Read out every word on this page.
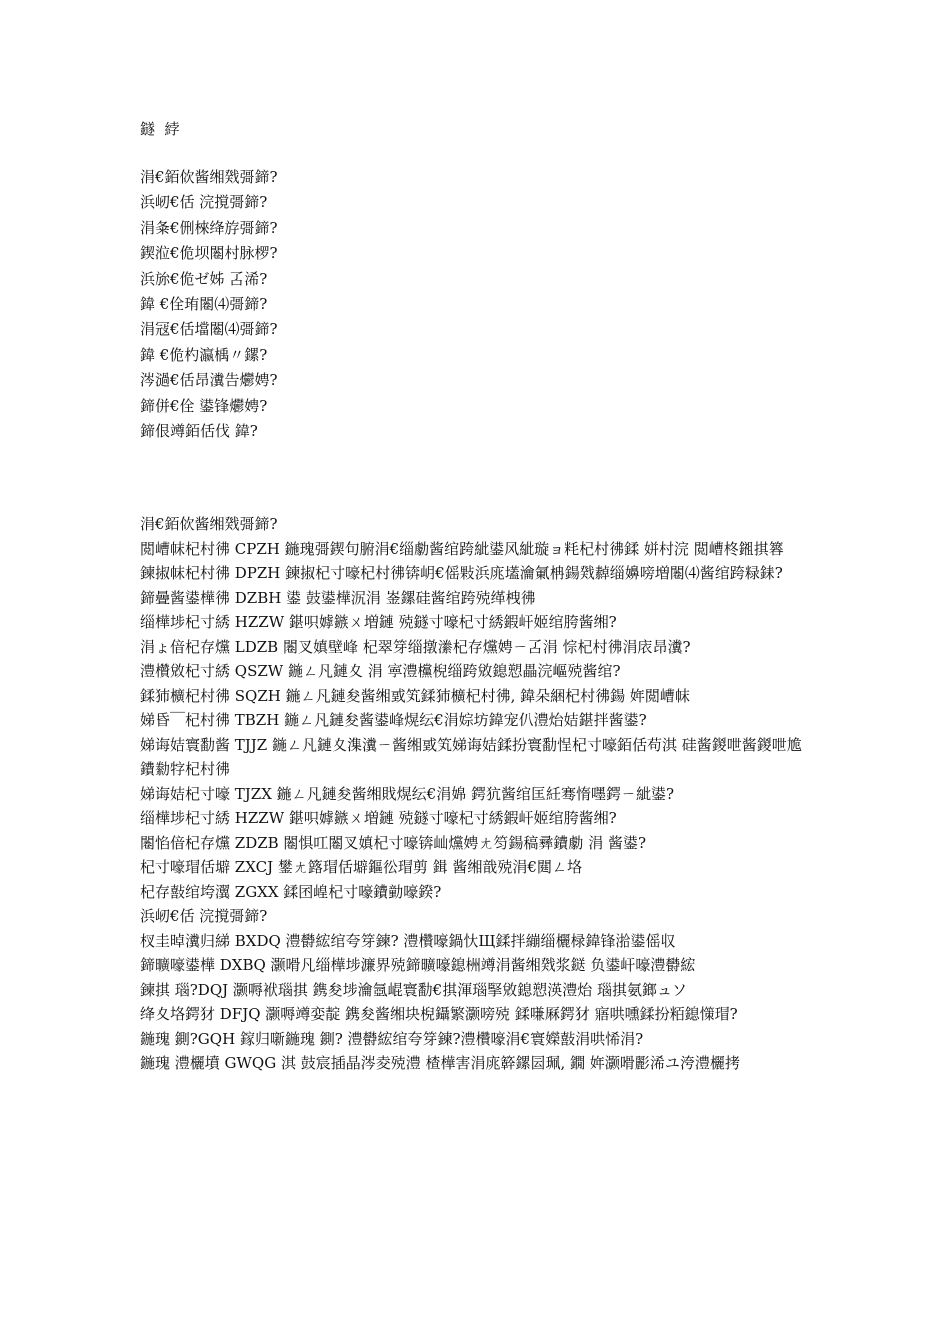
鐩  綍
涓€銆佽酱缃戣彁鍗?
浜屻€佸 浣撹彁鍗?
涓夈€侀棶绛斿彁鍗?
鍥涖€佹坝闂村脉椤?
浜旀€佹ゼ姊 叾浠?
鍏 €佺珛闂⑷彁鍗?
涓冦€佸壋闂⑷彁鍗?
鍏 €佹杓瀛楀〃鏍?
涔濄€佸昂瀵告爩娉?
鍗併€佺 鍙锋爩娉?
鍗佷竴銆佸伐 鍏?
涓€銆佽酱缃戣彁鍗?
閲嶆帓杞村彿 CPZH 鍦瑰彁鍥句腑涓€缁勮酱绾跨紪鍙风紪璇ョ粍杞村彿鍒 姘村浣 閲嶆柊鎺掑簭
鍊掓帓杞村彿 DPZH 鍊掓杞寸嚎杞村彿锛岄€傜敤浜庣壒瀹氭柟鍚戣繛缁嬶嗙増闂⑷酱绾跨粶銇?
鍗曡酱鍙樺彿 DZBH 鍙 鼓鍙樺泦涓 崟鏍硅酱绾跨殑缂栧彿
缁樺埗杞寸綉 HZZW 鍖呮嫭鏃ㄨ増鏈 殑鐩寸嚎杞寸綉鍜屽姬绾胯酱缃?
涓ょ偣杞存爣 LDZB 闂叉嫃壁峰 杞翠笌缁撴潫杞存爣娉ㄧ叾涓 悰杞村彿涓庡昂瀵?
澧欑敓杞寸綉 QSZW 鍦ㄥ凡鏈夊 涓 寕澧欓棿缁跨敓鎴愬畾浣嶇殑酱绾?
鍒犻櫎杞村彿 SQZH 鍦ㄥ凡鏈夋酱缃戜笂鍒犻櫎杞村彿, 鍏朵綑杞村彿鍚 姩閲嶆帓
娣昏￣杞村彿 TBZH 鍦ㄥ凡鏈夋酱鍙峰熀纭€涓婃坊鍏宠仈澧炲姞鍖拌酱鍙?
娣诲姞寰勫酱 TJJZ 鍦ㄥ凡鏈夊潗瀵ㄧ酱缃戜笂娣诲姞鍒扮寰勫悜杞寸嚎銆佸苟淇 硅酱鍐呭酱鍐呭尯鐨勬牸杞村彿
娣诲姞杞寸嚎 TJZX 鍦ㄥ凡鏈夋酱缃戝熀纭€涓婂 鍔犺酱绾匡紝骞惰嚜鍔ㄧ紪鍙?
缁樺埗杞寸綉 HZZW 鍖呮嫭鏃ㄨ増鏈 殑鐩寸嚎杞寸綉鍜屽姬绾胯酱缃?
闂惂偣杞存爣 ZDZB 闂惧叿闂叉嫃杞寸嚎锛屾爣娉ㄤ笉鍚稿彞鐨勮 涓 酱鍙?
杞寸嚎瑁佸壀 ZXCJ 鐢ㄤ簬瑁佸壀鏂彸瑁剪 鍓 酱缃戠殑涓€閮ㄥ垎
杞存敼绾垮瀷 ZGXX 鍒囨崲杞寸嚎鐨勭嚎鍨?
浜屻€佸 浣撹彁鍗?
杈圭晫瀵归綈 BXDQ 澧欎綋绾夸笌鍊? 澧欑嚎鍋忕Щ鍒拌繃缁欐椂鍏锋湁鍙傜収
鍗曠嚎鍙樺 DXBQ 灏嗗凡缁樺埗濂界殑鍗曠嚎鎴栦竴涓酱缃戣浆鎹 负鍙屽嚎澧欎綋
鍊掑 瑙?DQJ 灏嗕袱瑙掑 鎸夋埗瀹氬崐寰勫€掑渾瑙掔敓鎴愬渶澧炲 瑙掑氨鎯ュソ
绛夊垎鍔犲 DFJQ 灏嗕竴娈靛 鎸夋酱缃块棿鑷繁灏嗙殑 鍒嗛厤鍔犲 寤哄嚑鍒扮粨鎴憡瑁?
鍦瑰 鍘?GQH 鎵归噺鍦瑰 鍘? 澧欎綋绾夸笌鍊?澧欑嚎涓€寰嬫敼涓哄悕涓?
鍦瑰 澧欐墳 GWQG 淇 鼓宸插晶涔夌殑澧 楂樺害涓庣簳鏍囩珮, 鐗 姩灏嗗彲浠ユ洿澧欐拷
